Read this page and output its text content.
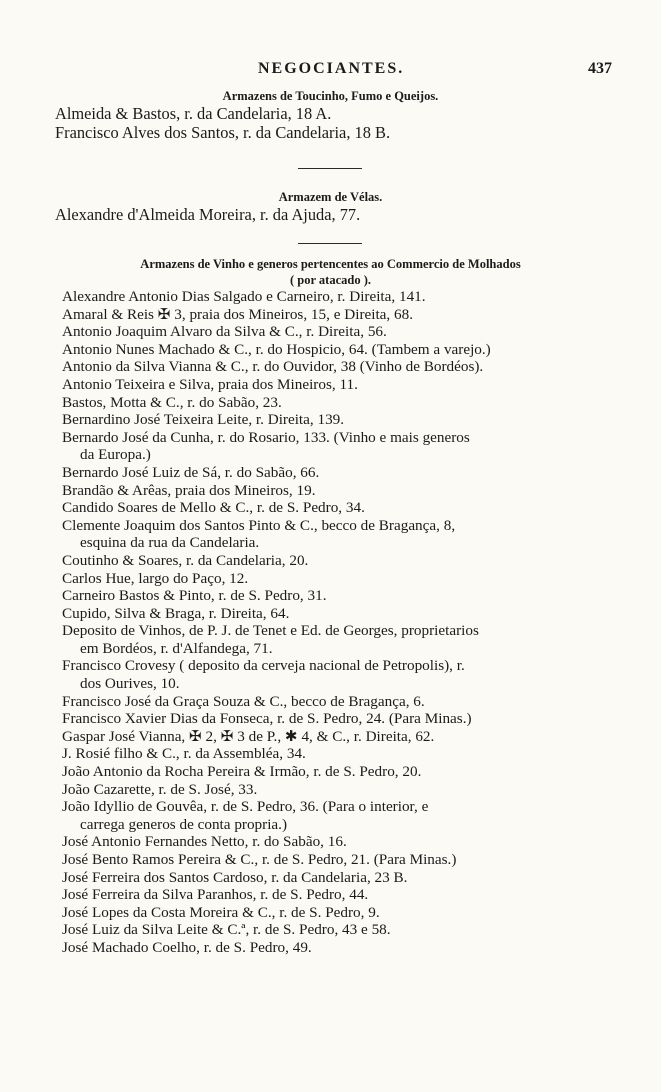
NEGOCIANTES.	437
Armazens de Toucinho, Fumo e Queijos.
Almeida & Bastos, r. da Candelaria, 18 A.
Francisco Alves dos Santos, r. da Candelaria, 18 B.
Armazem de Vélas.
Alexandre d'Almeida Moreira, r. da Ajuda, 77.
Armazens de Vinho e generos pertencentes ao Commercio de Molhados
( por atacado ).
Alexandre Antonio Dias Salgado e Carneiro, r. Direita, 141.
Amaral & Reis ✠ 3, praia dos Mineiros, 15, e Direita, 68.
Antonio Joaquim Alvaro da Silva & C., r. Direita, 56.
Antonio Nunes Machado & C., r. do Hospicio, 64. (Tambem a varejo.)
Antonio da Silva Vianna & C., r. do Ouvidor, 38 (Vinho de Bordéos).
Antonio Teixeira e Silva, praia dos Mineiros, 11.
Bastos, Motta & C., r. do Sabão, 23.
Bernardino José Teixeira Leite, r. Direita, 139.
Bernardo José da Cunha, r. do Rosario, 133. (Vinho e mais generos
da Europa.)
Bernardo José Luiz de Sá, r. do Sabão, 66.
Brandão & Arêas, praia dos Mineiros, 19.
Candido Soares de Mello & C., r. de S. Pedro, 34.
Clemente Joaquim dos Santos Pinto & C., becco de Bragança, 8,
esquina da rua da Candelaria.
Coutinho & Soares, r. da Candelaria, 20.
Carlos Hue, largo do Paço, 12.
Carneiro Bastos & Pinto, r. de S. Pedro, 31.
Cupido, Silva & Braga, r. Direita, 64.
Deposito de Vinhos, de P. J. de Tenet e Ed. de Georges, proprietarios
em Bordéos, r. d'Alfandega, 71.
Francisco Crovesy ( deposito da cerveja nacional de Petropolis), r.
dos Ourives, 10.
Francisco José da Graça Souza & C., becco de Bragança, 6.
Francisco Xavier Dias da Fonseca, r. de S. Pedro, 24. (Para Minas.)
Gaspar José Vianna, ✠ 2, ✠ 3 de P., ✱ 4, & C., r. Direita, 62.
J. Rosié filho & C., r. da Assembléa, 34.
João Antonio da Rocha Pereira & Irmão, r. de S. Pedro, 20.
João Cazarette, r. de S. José, 33.
João Idyllio de Gouvêa, r. de S. Pedro, 36. (Para o interior, e
carrega generos de conta propria.)
José Antonio Fernandes Netto, r. do Sabão, 16.
José Bento Ramos Pereira & C., r. de S. Pedro, 21. (Para Minas.)
José Ferreira dos Santos Cardoso, r. da Candelaria, 23 B.
José Ferreira da Silva Paranhos, r. de S. Pedro, 44.
José Lopes da Costa Moreira & C., r. de S. Pedro, 9.
José Luiz da Silva Leite & C.ª, r. de S. Pedro, 43 e 58.
José Machado Coelho, r. de S. Pedro, 49.
